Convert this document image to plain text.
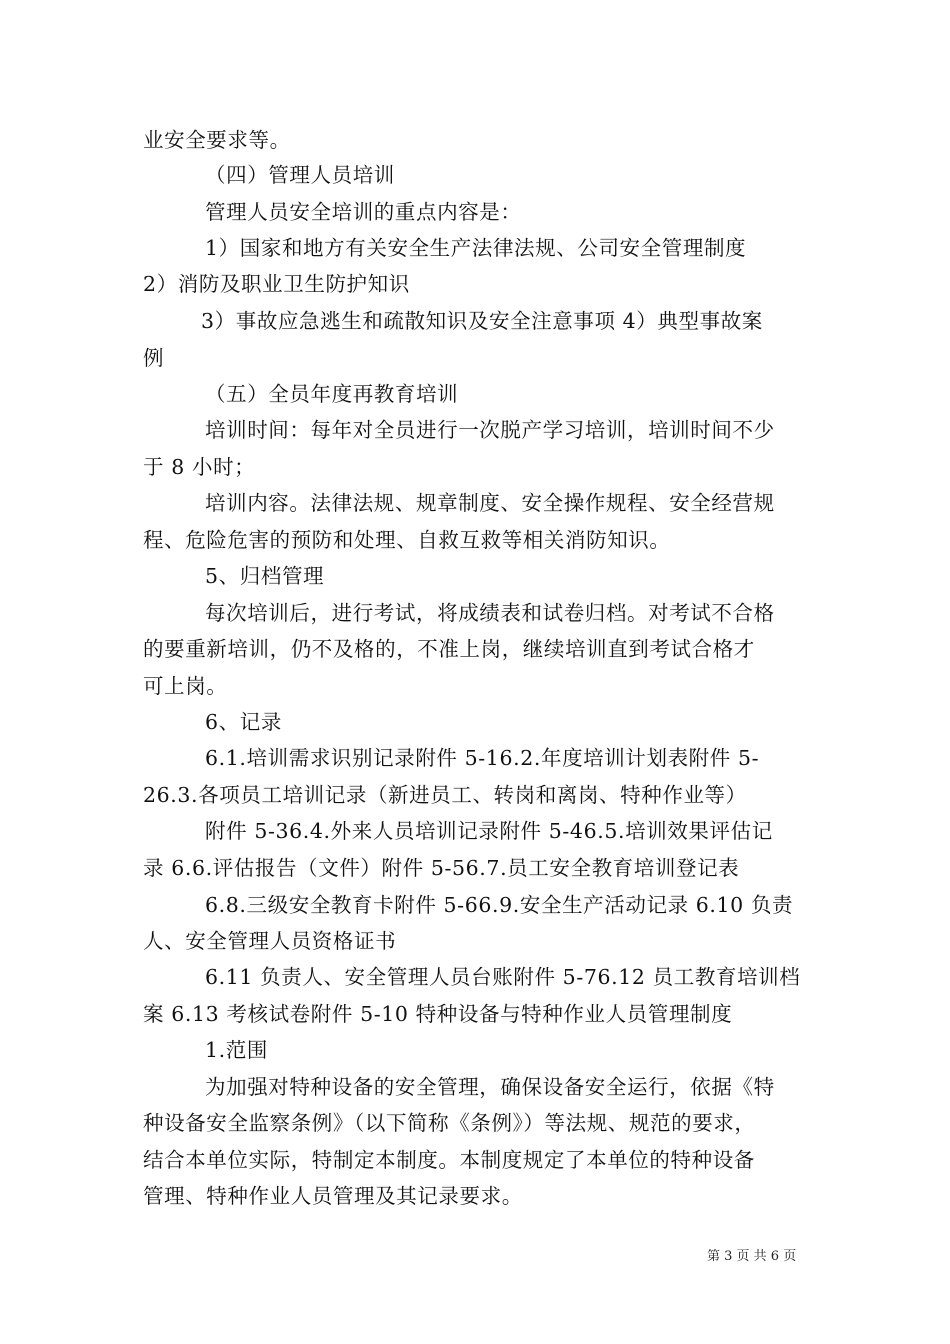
业安全要求等。
（四）管理人员培训
管理人员安全培训的重点内容是：
1）国家和地方有关安全生产法律法规、公司安全管理制度
2）消防及职业卫生防护知识
3）事故应急逃生和疏散知识及安全注意事项 4）典型事故案
例
（五）全员年度再教育培训
培训时间：每年对全员进行一次脱产学习培训，培训时间不少
于 8 小时；
培训内容。法律法规、规章制度、安全操作规程、安全经营规
程、危险危害的预防和处理、自救互救等相关消防知识。
5、归档管理
每次培训后，进行考试，将成绩表和试卷归档。对考试不合格
的要重新培训，仍不及格的，不准上岗，继续培训直到考试合格才
可上岗。
6、记录
6.1.培训需求识别记录附件 5-16.2.年度培训计划表附件 5-
26.3.各项员工培训记录（新进员工、转岗和离岗、特种作业等）
附件 5-36.4.外来人员培训记录附件 5-46.5.培训效果评估记
录 6.6.评估报告（文件）附件 5-56.7.员工安全教育培训登记表
6.8.三级安全教育卡附件 5-66.9.安全生产活动记录 6.10 负责
人、安全管理人员资格证书
6.11 负责人、安全管理人员台账附件 5-76.12 员工教育培训档
案 6.13 考核试卷附件 5-10 特种设备与特种作业人员管理制度
1.范围
为加强对特种设备的安全管理，确保设备安全运行，依据《特
种设备安全监察条例》（以下简称《条例》）等法规、规范的要求，
结合本单位实际，特制定本制度。本制度规定了本单位的特种设备
管理、特种作业人员管理及其记录要求。
第 3 页 共 6 页
